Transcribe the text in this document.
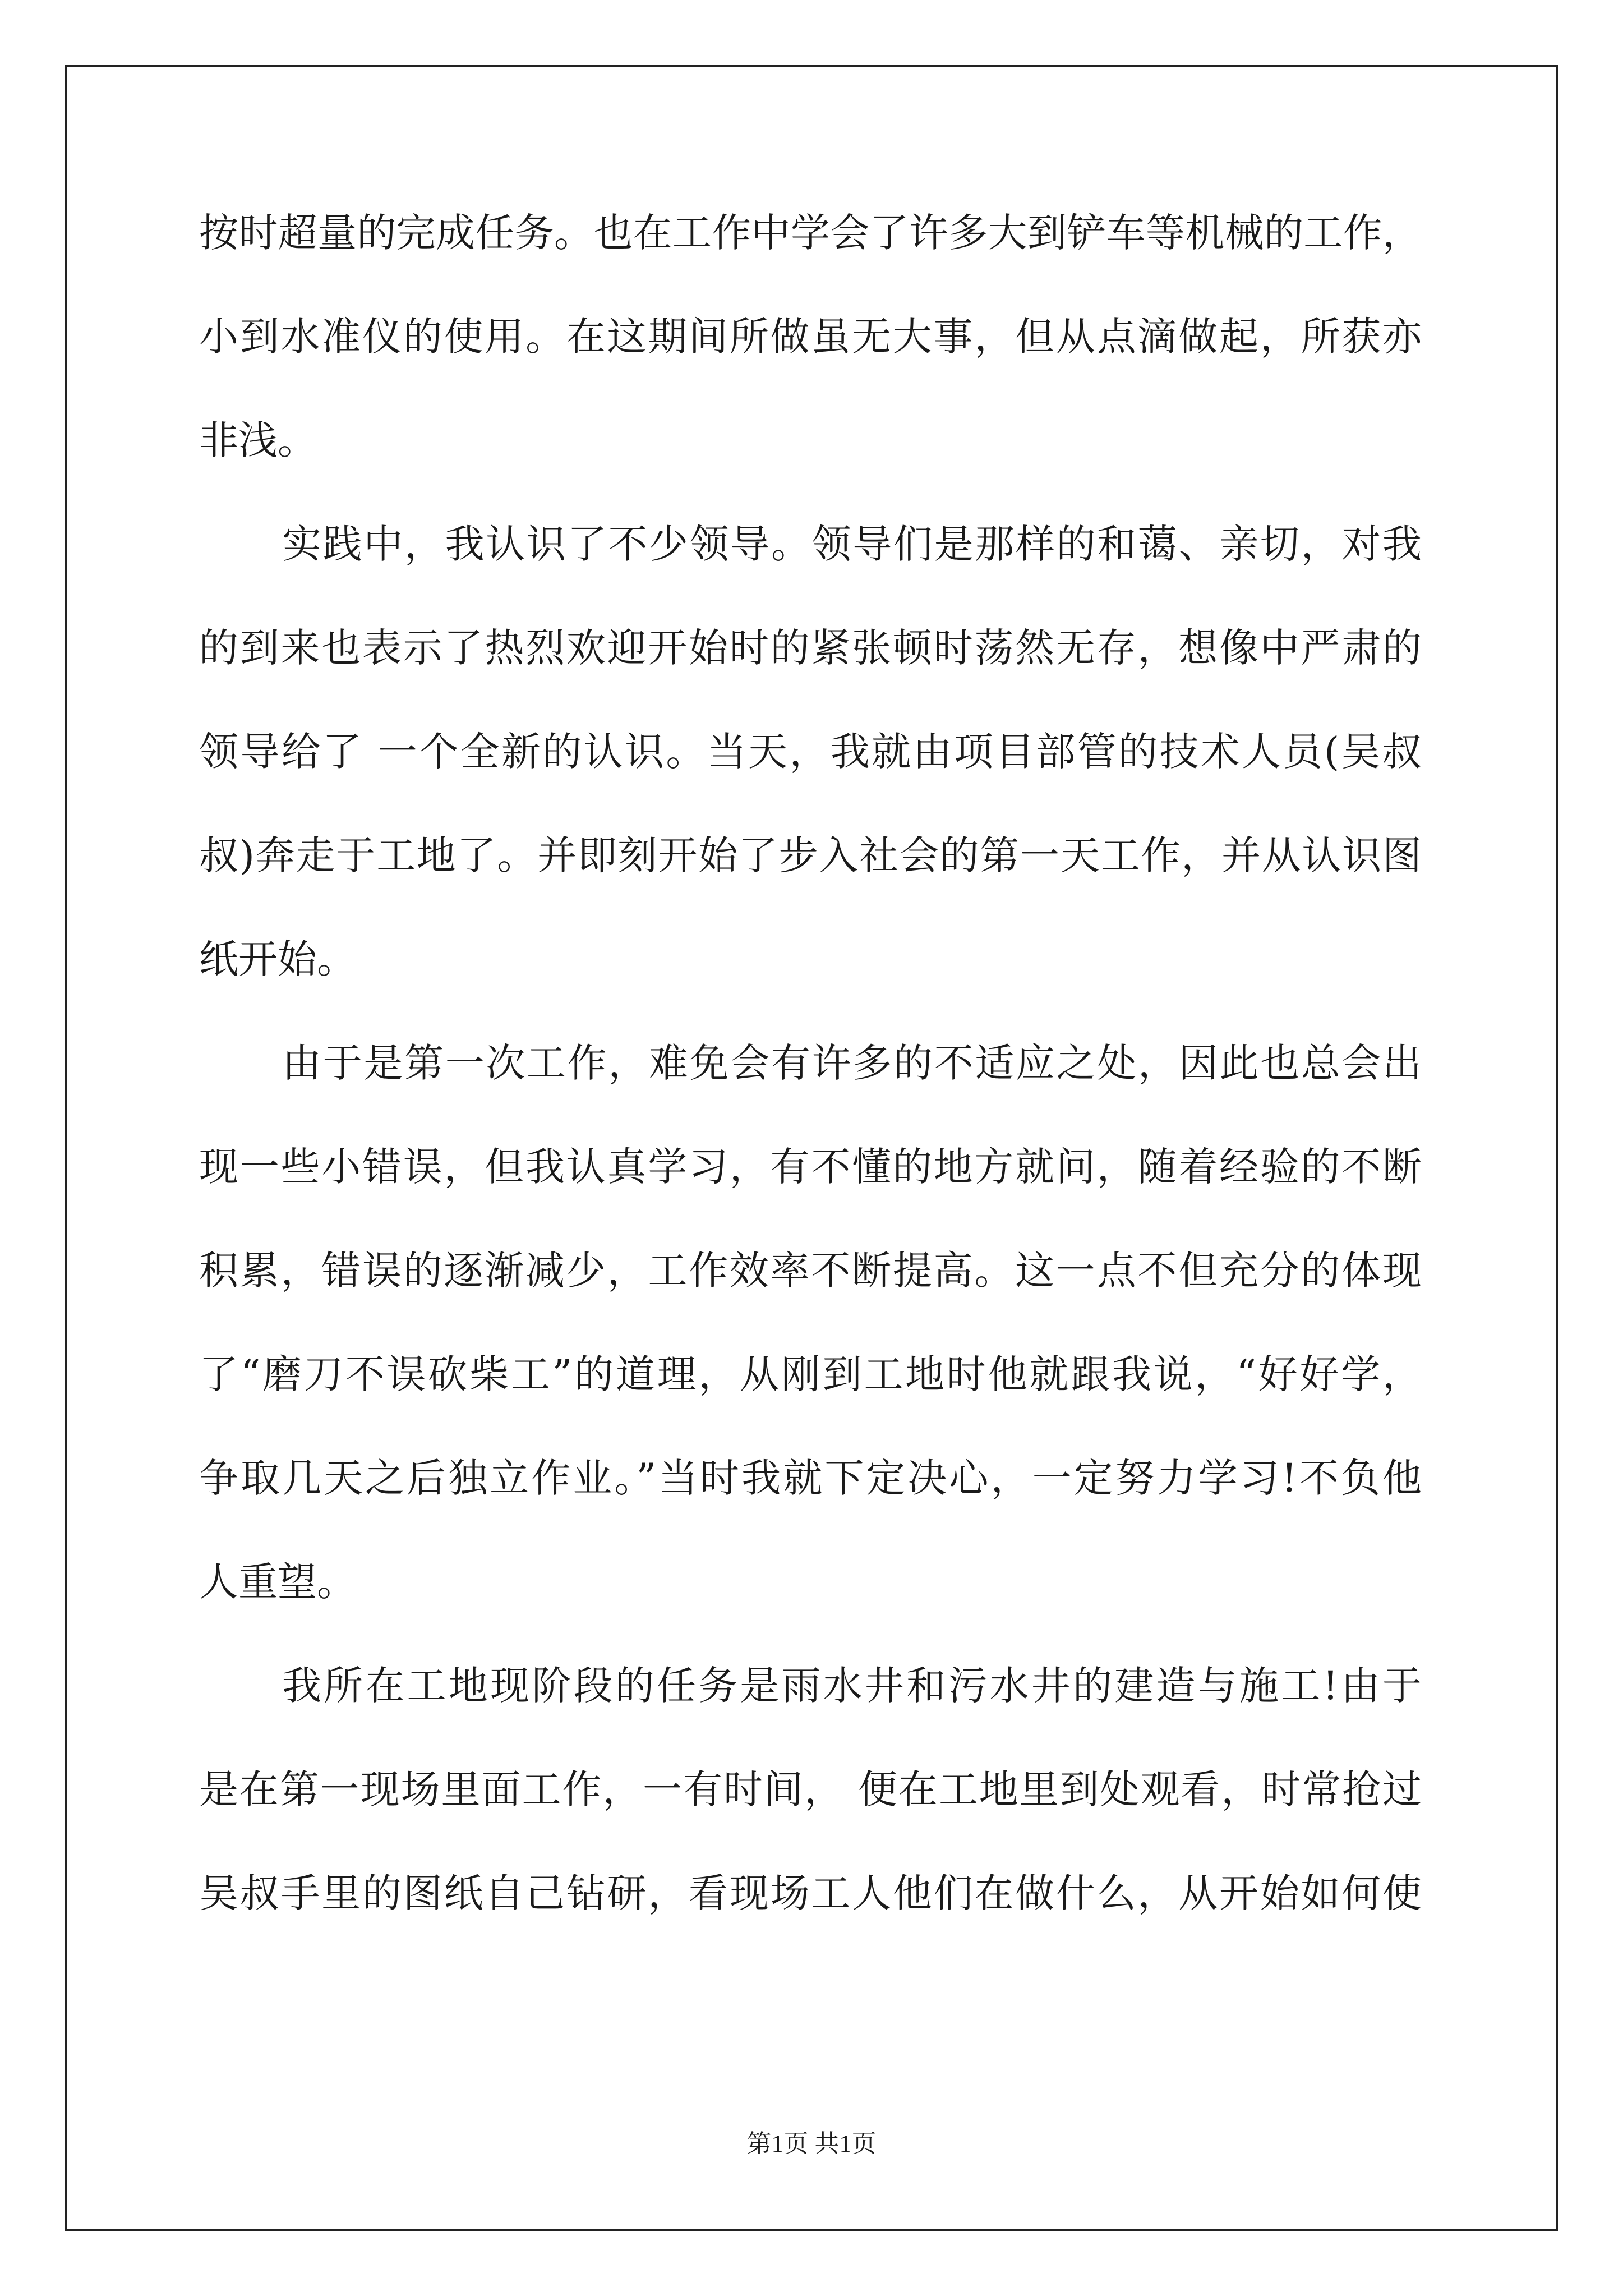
按时超量的完成任务。也在工作中学会了许多大到铲车等机械的工作，
小到水准仪的使用。在这期间所做虽无大事，但从点滴做起，所获亦
非浅。
实践中，我认识了不少领导。领导们是那样的和蔼、亲切，对我
的到来也表示了热烈欢迎开始时的紧张顿时荡然无存，想像中严肃的
领导给了 一个全新的认识。当天，我就由项目部管的技术人员(吴叔
叔)奔走于工地了。并即刻开始了步入社会的第一天工作，并从认识图
纸开始。
由于是第一次工作，难免会有许多的不适应之处，因此也总会出
现一些小错误，但我认真学习，有不懂的地方就问，随着经验的不断
积累，错误的逐渐减少，工作效率不断提高。这一点不但充分的体现
了“磨刀不误砍柴工”的道理，从刚到工地时他就跟我说，“好好学，
争取几天之后独立作业。”当时我就下定决心，一定努力学习!不负他
人重望。
我所在工地现阶段的任务是雨水井和污水井的建造与施工!由于
是在第一现场里面工作，一有时间， 便在工地里到处观看，时常抢过
吴叔手里的图纸自己钻研，看现场工人他们在做什么，从开始如何使
第1页 共1页
